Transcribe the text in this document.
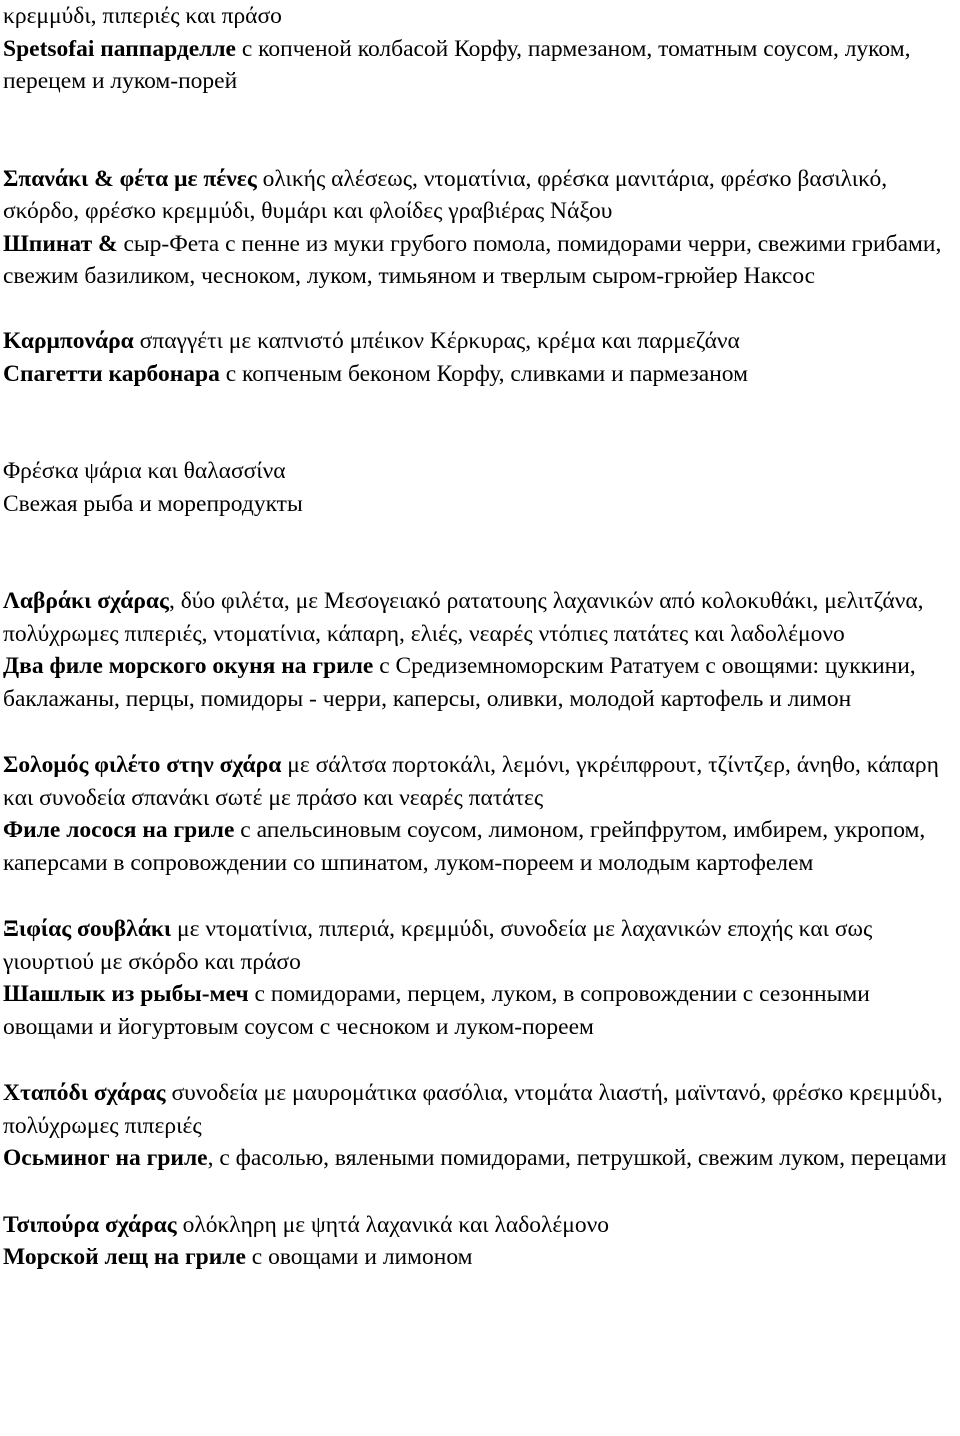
κρεμμύδι, πιπεριές και πράσο

Spetsofai паппарделле с копченой колбасой Корфу, пармезаном, томатным соусом, луком, перецем и луком-порей

Σπανάκι & φέτα με πένες ολικής αλέσεως, ντοματίνια, φρέσκα μανιτάρια, φρέσκο βασιλικό, σκόρδο, φρέσκο κρεμμύδι, θυμάρι και φλοίδες γραβιέρας Νάξου

Шпинат & сыр-Фета с пенне из муки грубого помола, помидорами черри, свежими грибами, свежим базиликом, чесноком, луком, тимьяном и тверлым сыром-грюйер Наксос

Καρμπονάρα σπαγγέτι με καπνιστό μπέικον Κέρκυρας, κρέμα και παρμεζάνα

Спагетти карбонара с копченым беконом Корфу, сливками и пармезаном

Φρέσκα ψάρια και θαλασσίνα

Свежая рыба и морепродукты

Λαβράκι σχάρας, δύο φιλέτα, με Μεσογειακό ρατατουης λαχανικών από κολοκυθάκι, μελιτζάνα, πολύχρωμες πιπεριές, ντοματίνια, κάπαρη, ελιές, νεαρές ντόπιες πατάτες και λαδολέμονο

Два филе морского окуня на гриле с Средиземноморским Рататуем с овощями: цуккини, баклажаны, перцы, помидоры - черри, каперсы, оливки, молодой картофель и лимон

Σολομός φιλέτο στην σχάρα με σάλτσα πορτοκάλι, λεμόνι, γκρέιπφρουτ, τζίντζερ, άνηθο, κάπαρη και συνοδεία σπανάκι σωτέ με πράσο και νεαρές πατάτες

Филе лосося на гриле с апельсиновым соусом, лимоном, грейпфрутом, имбирем, укропом, каперсами в сопровождении со шпинатом, луком-пореем и молодым картофелем

Ξιφίας σουβλάκι με ντοματίνια, πιπεριά, κρεμμύδι, συνοδεία με λαχανικών εποχής και σως γιουρτιού με σκόρδο και πράσο

Шашлык из рыбы-меч с помидорами, перцем, луком, в сопровождении с сезонными овощами и йогуртовым соусом с чесноком и луком-пореем

Χταπόδι σχάρας συνοδεία με μαυρομάτικα φασόλια, ντομάτα λιαστή, μαϊντανό, φρέσκο κρεμμύδι, πολύχρωμες πιπεριές

Осьминог на гриле, с фасолью, вялеными помидорами, петрушкой, свежим луком, перецами

Τσιπούρα σχάρας ολόκληρη με ψητά λαχανικά και λαδολέμονο

Морской лещ на гриле с овощами и лимоном
